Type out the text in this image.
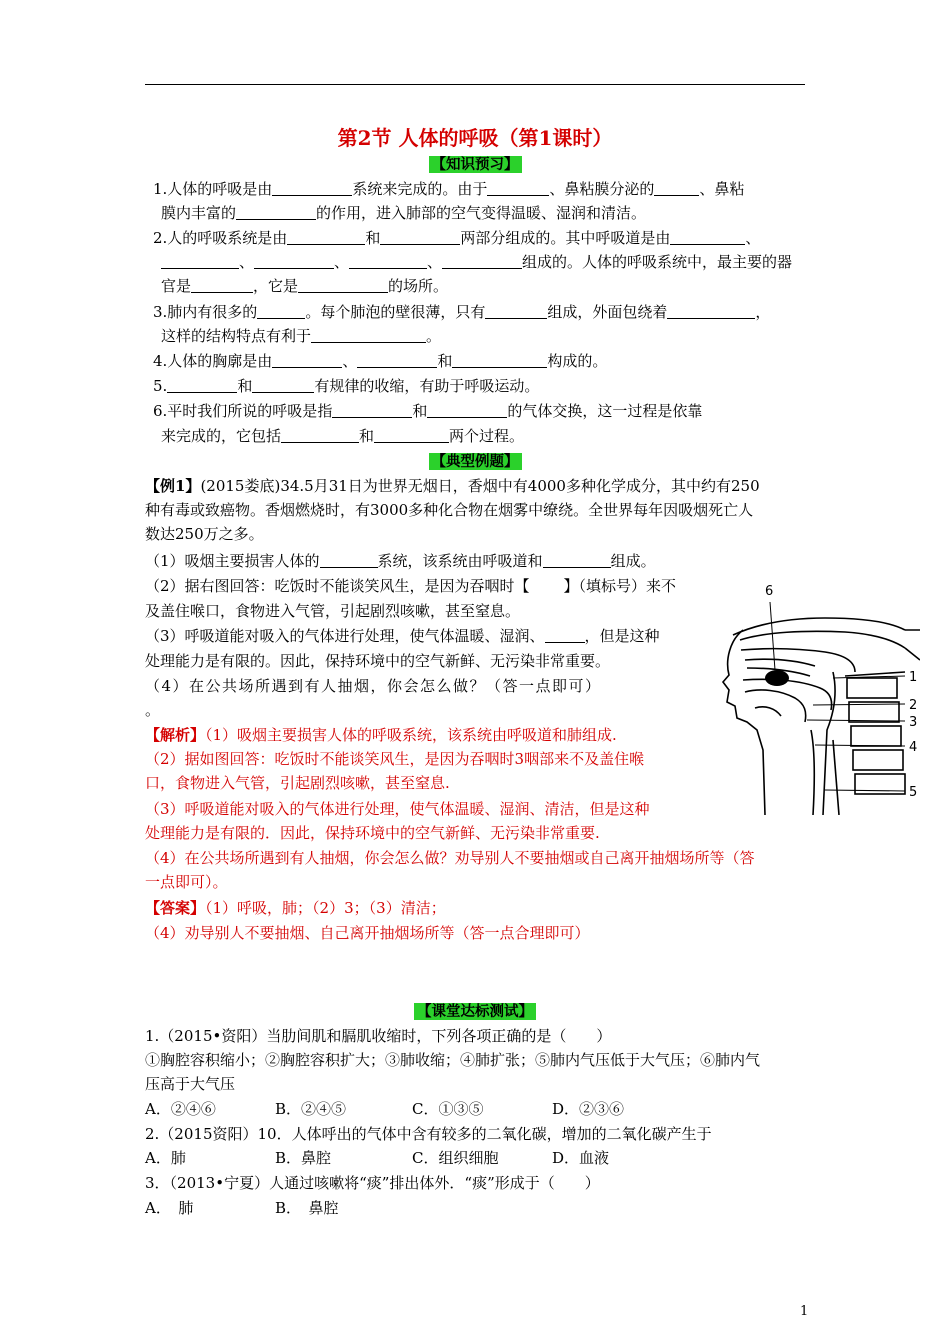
第2节 人体的呼吸（第1课时）
【知识预习】
1.人体的呼吸是由	系统来完成的。由于	、鼻粘膜分泌的	、鼻粘
膜内丰富的	的作用，进入肺部的空气变得温暖、湿润和清洁。
2.人的呼吸系统是由	和	两部分组成的。其中呼吸道是由	、
、	、	、	组成的。人体的呼吸系统中，最主要的器
官是	，它是	的场所。
3.肺内有很多的	。每个肺泡的壁很薄，只有	组成，外面包绕着	，
这样的结构特点有利于	。
4.人体的胸廓是由	、	和	构成的。
5.	和	有规律的收缩，有助于呼吸运动。
6.平时我们所说的呼吸是指	和	的气体交换，这一过程是依靠
来完成的，它包括	和	两个过程。
【典型例题】
【例1】(2015娄底)34.5月31日为世界无烟日，香烟中有4000多种化学成分，其中约有250
种有毒或致癌物。香烟燃烧时，有3000多种化合物在烟雾中缭绕。全世界每年因吸烟死亡人
数达250万之多。
（1）吸烟主要损害人体的	系统，该系统由呼吸道和	组成。
（2）据右图回答：吃饭时不能谈笑风生，是因为吞咽时【 】（填标号）来不
及盖住喉口，食物进入气管，引起剧烈咳嗽，甚至窒息。
（3）呼吸道能对吸入的气体进行处理，使气体温暖、湿润、	，但是这种
处理能力是有限的。因此，保持环境中的空气新鲜、无污染非常重要。
（4）在公共场所遇到有人抽烟，你会怎么做？（答一点即可）
。
【解析】（1）吸烟主要损害人体的呼吸系统，该系统由呼吸道和肺组成.
（2）据如图回答：吃饭时不能谈笑风生，是因为吞咽时3咽部来不及盖住喉
口，食物进入气管，引起剧烈咳嗽，甚至窒息.
（3）呼吸道能对吸入的气体进行处理，使气体温暖、湿润、清洁，但是这种
处理能力是有限的．因此，保持环境中的空气新鲜、无污染非常重要.
（4）在公共场所遇到有人抽烟，你会怎么做？劝导别人不要抽烟或自己离开抽烟场所等（答
一点即可）。
【答案】（1）呼吸，肺；（2）3；（3）清洁；
（4）劝导别人不要抽烟、自己离开抽烟场所等（答一点合理即可）
6
1
2
3
4
5
【课堂达标测试】
1.（2015•资阳）当肋间肌和膈肌收缩时，下列各项正确的是（　　）
①胸腔容积缩小；②胸腔容积扩大；③肺收缩；④肺扩张；⑤肺内气压低于大气压；⑥肺内气
压高于大气压
A．②④⑥	B．②④⑤	C．①③⑤	D．②③⑥
2.（2015资阳）10．人体呼出的气体中含有较多的二氧化碳，增加的二氧化碳产生于
A．肺	B．鼻腔	C．组织细胞	D．血液
3．（2013•宁夏）人通过咳嗽将“痰”排出体外．“痰”形成于（　　）
A．　肺	B．　鼻腔
1
